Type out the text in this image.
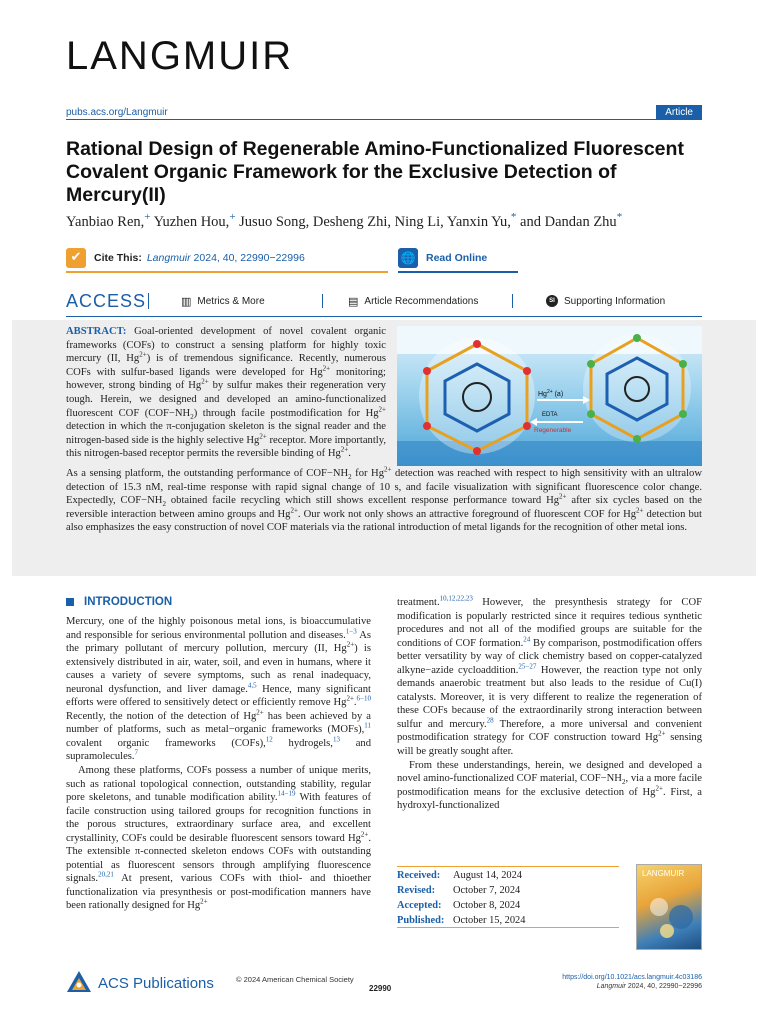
LANGMUIR
pubs.acs.org/Langmuir	Article
Rational Design of Regenerable Amino-Functionalized Fluorescent Covalent Organic Framework for the Exclusive Detection of Mercury(II)
Yanbiao Ren,+ Yuzhen Hou,+ Jusuo Song, Desheng Zhi, Ning Li, Yanxin Yu,* and Dandan Zhu*
✔	Cite This: Langmuir 2024, 40, 22990−22996	🌐 Read Online
ACCESS	▥ Metrics & More	▤ Article Recommendations	SI Supporting Information
ABSTRACT: Goal-oriented development of novel covalent organic frameworks (COFs) to construct a sensing platform for highly toxic mercury (II, $Hg^{2+}$) is of tremendous significance. Recently, numerous COFs with sulfur-based ligands were developed for $Hg^{2+}$ monitoring; however, strong binding of $Hg^{2+}$ by sulfur makes their regeneration very tough. Herein, we designed and developed an amino-functionalized fluorescent COF $(COF-NH_2)$ through facile postmodification for $Hg^{2+}$ detection in which the π-conjugation skeleton is the signal reader and the nitrogen-based side is the highly selective $Hg^{2+}$ receptor. More importantly, this nitrogen-based receptor permits the reversible binding of $Hg^{2+}$.
$Hg^{2+}$ (a)
EDTA
Regenerable
As a sensing platform, the outstanding performance of $COF-NH_2$ for $Hg^{2+}$ detection was reached with respect to high sensitivity with an ultralow detection of 15.3 nM, real-time response with rapid signal change of 10 s, and facile visualization with significant fluorescence color change. Expectedly, $COF-NH_2$ obtained facile recycling which still shows excellent response performance toward $Hg^{2+}$ after six cycles based on the reversible interaction between amino groups and $Hg^{2+}$. Our work not only shows an attractive foreground of fluorescent COF for $Hg^{2+}$ detection but also emphasizes the easy construction of novel COF materials via the rational introduction of metal ligands for the recognition of other metal ions.
INTRODUCTION

Mercury, one of the highly poisonous metal ions, is bioaccumulative and responsible for serious environmental pollution and diseases.$^{1-3}$ As the primary pollutant of mercury pollution, mercury (II, $Hg^{2+}$) is extensively distributed in air, water, soil, and even in humans, where it causes a variety of severe symptoms, such as renal inadequacy, neuronal dysfunction, and liver damage.$^{4,5}$ Hence, many significant efforts were offered to sensitively detect or efficiently remove $Hg^{2+}.^{6-10}$ Recently, the notion of the detection of $Hg^{2+}$ has been achieved by a number of platforms, such as metal−organic frameworks (MOFs),$^{11}$ covalent organic frameworks (COFs),$^{12}$ hydrogels,$^{13}$ and supramolecules.$^7$

Among these platforms, COFs possess a number of unique merits, such as rational topological connection, outstanding stability, regular pore skeletons, and tunable modification ability.$^{14-19}$ With features of facile construction using tailored groups for recognition functions in the porous structures, extraordinary surface area, and excellent crystallinity, COFs could be desirable fluorescent sensors toward $Hg^{2+}$. The extensible π-connected skeleton endows COFs with outstanding potential as fluorescent sensors through amplifying fluorescence signals.$^{20,21}$ At present, various COFs with thiol- and thioether functionalization via presynthesis or post-modification manners have been rationally designed for $Hg^{2+}$

treatment.$^{10,12,22,23}$ However, the presynthesis strategy for COF modification is popularly restricted since it requires tedious synthetic procedures and not all of the modified groups are suitable for the conditions of COF formation.$^{24}$ By comparison, postmodification offers better versatility by way of click chemistry based on copper-catalyzed alkyne−azide cycloaddition.$^{25-27}$ However, the reaction type not only demands anaerobic treatment but also leads to the residue of Cu(I) catalysts. Moreover, it is very different to realize the regeneration of these COFs because of the extraordinarily strong interaction between sulfur and mercury.$^{28}$ Therefore, a more universal and convenient postmodification strategy for COF construction toward $Hg^{2+}$ sensing will be greatly sought after.

From these understandings, herein, we designed and developed a novel amino-functionalized COF material, $COF-NH_2$, via a more facile postmodification means for the exclusive detection of $Hg^{2+}$. First, a hydroxyl-functionalized

Received:	August 14, 2024
Revised:	October 7, 2024
Accepted:	October 8, 2024
Published: October 15, 2024
LANGMUIR
ACS Publications	© 2024 American Chemical Society
22990
https://doi.org/10.1021/acs.langmuir.4c03186
Langmuir 2024, 40, 22990−22996
